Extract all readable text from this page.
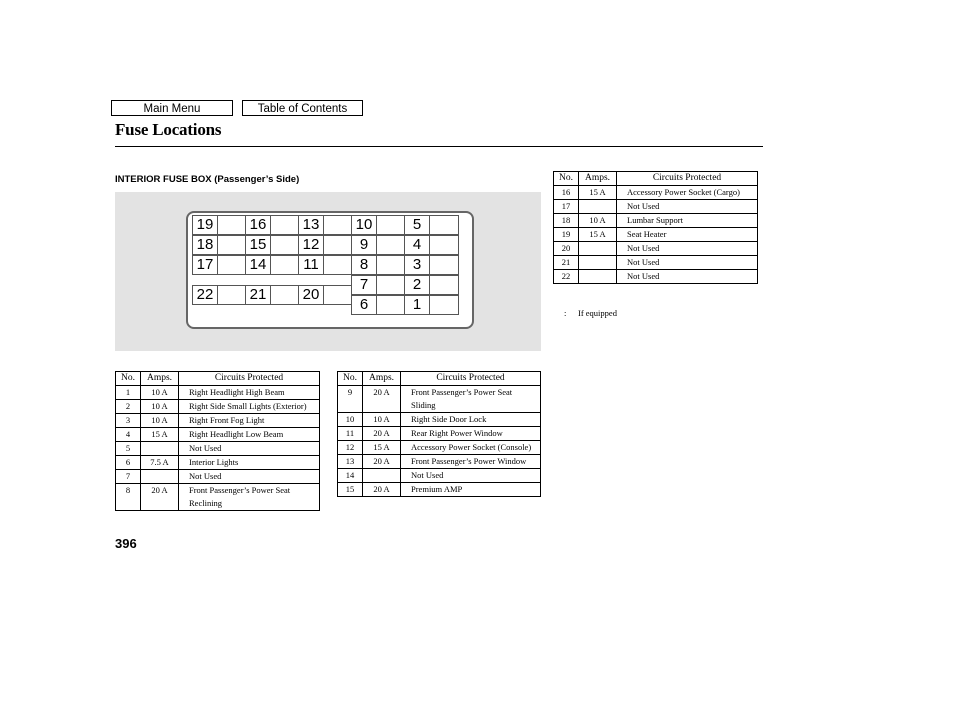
Main Menu	Table of Contents
Fuse Locations
INTERIOR FUSE BOX (Passenger’s Side)
19	16	13	10	5
18	15	12	9	4
17	14	11	8	3
7	2
22	21	20
6	1
No.	Amps.	Circuits Protected
1	10 A	Right Headlight High Beam
2	10 A	Right Side Small Lights (Exterior)
3	10 A	Right Front Fog Light
4	15 A	Right Headlight Low Beam
5		Not Used
6	7.5 A	Interior Lights
7		Not Used
8	20 A	Front Passenger’s Power Seat Reclining
No.	Amps.	Circuits Protected
9	20 A	Front Passenger’s Power Seat Sliding
10	10 A	Right Side Door Lock
11	20 A	Rear Right Power Window
12	15 A	Accessory Power Socket (Console)
13	20 A	Front Passenger’s Power Window
14		Not Used
15	20 A	Premium AMP
No.	Amps.	Circuits Protected
16	15 A	Accessory Power Socket (Cargo)
17		Not Used
18	10 A	Lumbar Support
19	15 A	Seat Heater
20		Not Used
21		Not Used
22		Not Used
: If equipped
396
